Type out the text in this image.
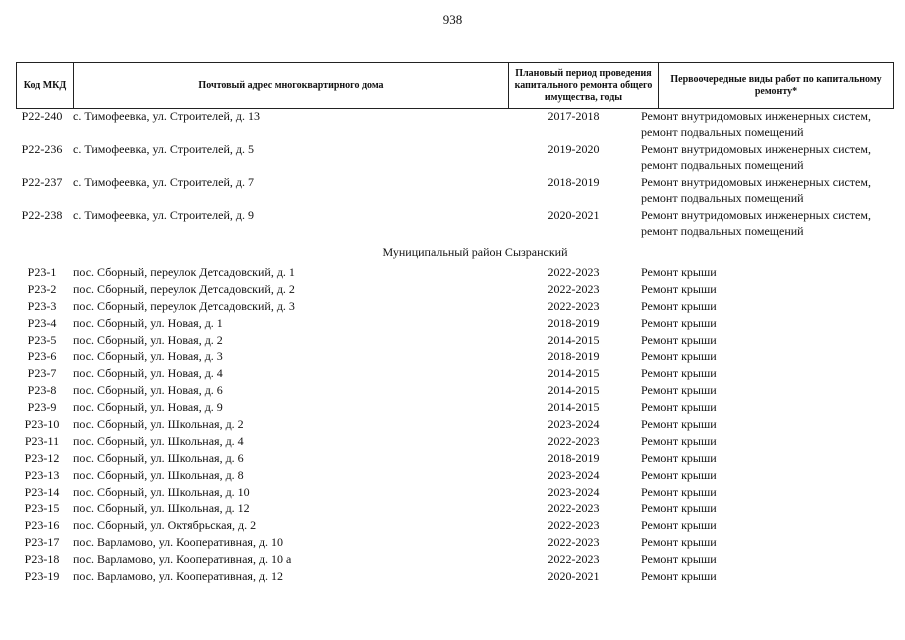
938
Код МКД	Почтовый адрес многоквартирного дома	Плановый период проведения капитального ремонта общего имущества, годы	Первоочередные виды работ по капитальному ремонту*
Р22-240 с. Тимофеевка, ул. Строителей, д. 13	2017-2018	Ремонт внутридомовых инженерных систем, ремонт подвальных помещений
Р22-236 с. Тимофеевка, ул. Строителей, д. 5	2019-2020	Ремонт внутридомовых инженерных систем, ремонт подвальных помещений
Р22-237 с. Тимофеевка, ул. Строителей, д. 7	2018-2019	Ремонт внутридомовых инженерных систем, ремонт подвальных помещений
Р22-238 с. Тимофеевка, ул. Строителей, д. 9	2020-2021	Ремонт внутридомовых инженерных систем, ремонт подвальных помещений
Муниципальный район Сызранский
Р23-1	пос. Сборный, переулок Детсадовский, д. 1	2022-2023	Ремонт крыши
Р23-2	пос. Сборный, переулок Детсадовский, д. 2	2022-2023	Ремонт крыши
Р23-3	пос. Сборный, переулок Детсадовский, д. 3	2022-2023	Ремонт крыши
Р23-4	пос. Сборный, ул. Новая, д. 1	2018-2019	Ремонт крыши
Р23-5	пос. Сборный, ул. Новая, д. 2	2014-2015	Ремонт крыши
Р23-6	пос. Сборный, ул. Новая, д. 3	2018-2019	Ремонт крыши
Р23-7	пос. Сборный, ул. Новая, д. 4	2014-2015	Ремонт крыши
Р23-8	пос. Сборный, ул. Новая, д. 6	2014-2015	Ремонт крыши
Р23-9	пос. Сборный, ул. Новая, д. 9	2014-2015	Ремонт крыши
Р23-10	пос. Сборный, ул. Школьная, д. 2	2023-2024	Ремонт крыши
Р23-11	пос. Сборный, ул. Школьная, д. 4	2022-2023	Ремонт крыши
Р23-12	пос. Сборный, ул. Школьная, д. 6	2018-2019	Ремонт крыши
Р23-13	пос. Сборный, ул. Школьная, д. 8	2023-2024	Ремонт крыши
Р23-14	пос. Сборный, ул. Школьная, д. 10	2023-2024	Ремонт крыши
Р23-15	пос. Сборный, ул. Школьная, д. 12	2022-2023	Ремонт крыши
Р23-16	пос. Сборный, ул. Октябрьская, д. 2	2022-2023	Ремонт крыши
Р23-17	пос. Варламово, ул. Кооперативная, д. 10	2022-2023	Ремонт крыши
Р23-18	пос. Варламово, ул. Кооперативная, д. 10 а	2022-2023	Ремонт крыши
Р23-19	пос. Варламово, ул. Кооперативная, д. 12	2020-2021	Ремонт крыши
